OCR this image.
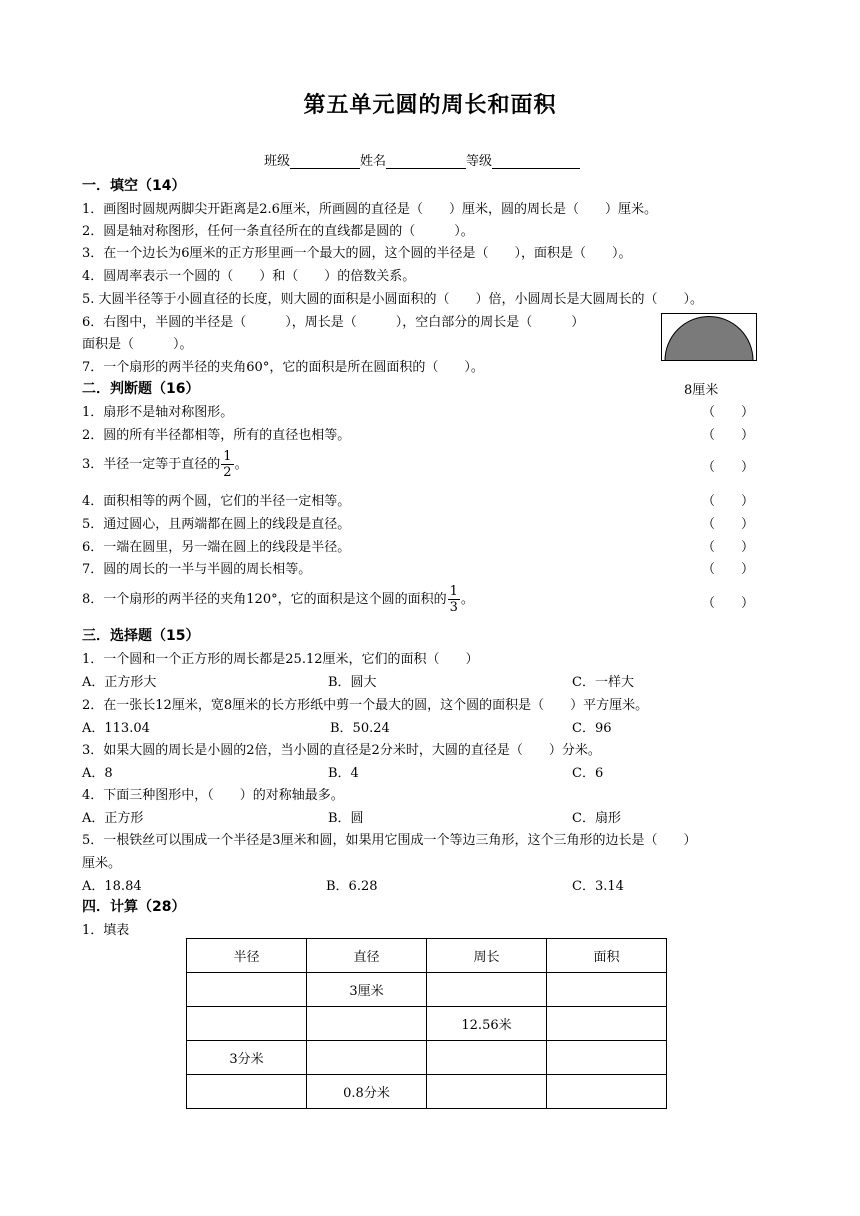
第五单元圆的周长和面积
班级	姓名	等级
一．填空（14）
1．画图时圆规两脚尖开距离是2.6厘米，所画圆的直径是（　　）厘米，圆的周长是（　　）厘米。
2．圆是轴对称图形，任何一条直径所在的直线都是圆的（　　　）。
3．在一个边长为6厘米的正方形里画一个最大的圆，这个圆的半径是（　　），面积是（　　）。
4．圆周率表示一个圆的（　　）和（　　）的倍数关系。
5. 大圆半径等于小圆直径的长度，则大圆的面积是小圆面积的（　　）倍，小圆周长是大圆周长的（　　）。
6．右图中，半圆的半径是（　　　），周长是（　　　），空白部分的周长是（　　　）
面积是（　　　）。
7．一个扇形的两半径的夹角60°，它的面积是所在圆面积的（　　）。
8厘米
二．判断题（16）
1．扇形不是轴对称图形。	（　　）
2．圆的所有半径都相等，所有的直径也相等。	（　　）
3．半径一定等于直径的 $\frac{1}{2}$ 。	（　　）
4．面积相等的两个圆，它们的半径一定相等。	（　　）
5．通过圆心，且两端都在圆上的线段是直径。	（　　）
6．一端在圆里，另一端在圆上的线段是半径。	（　　）
7．圆的周长的一半与半圆的周长相等。	（　　）
8．一个扇形的两半径的夹角120°，它的面积是这个圆的面积的 $\frac{1}{3}$ 。	（　　）
三．选择题（15）
1．一个圆和一个正方形的周长都是25.12厘米，它们的面积（　　）
A．正方形大	B．圆大	C．一样大
2．在一张长12厘米，宽8厘米的长方形纸中剪一个最大的圆，这个圆的面积是（　　）平方厘米。
A．113.04	B．50.24	C．96
3．如果大圆的周长是小圆的2倍，当小圆的直径是2分米时，大圆的直径是（　　）分米。
A．8	B．4	C．6
4．下面三种图形中，（　　）的对称轴最多。
A．正方形	B．圆	C．扇形
5．一根铁丝可以围成一个半径是3厘米和圆，如果用它围成一个等边三角形，这个三角形的边长是（　　）
厘米。
A．18.84	B．6.28	C．3.14
四．计算（28）
1．填表
半径	直径	周长	面积
	3厘米		
		12.56米	
3分米			
	0.8分米		
